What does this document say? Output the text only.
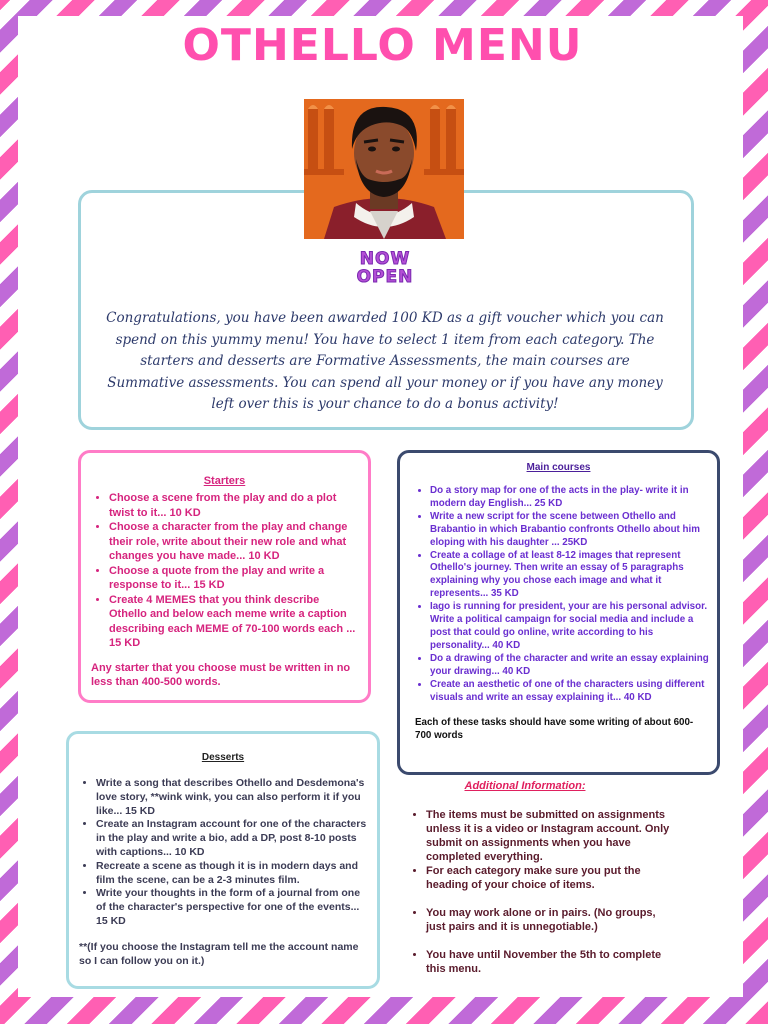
OTHELLO MENU
NOW
OPEN
Congratulations, you have been awarded 100 KD as a gift voucher which you can spend on this yummy menu! You have to select 1 item from each category. The starters and desserts are Formative Assessments, the main courses are Summative assessments. You can spend all your money or if you have any money left over this is your chance to do a bonus activity!
Starters
• Choose a scene from the play and do a plot twist to it... 10 KD
• Choose a character from the play and change their role, write about their new role and what changes you have made... 10 KD
• Choose a quote from the play and write a response to it... 15 KD
• Create 4 MEMES that you think describe Othello and below each meme write a caption describing each MEME of 70-100 words each ... 15 KD
Any starter that you choose must be written in no less than 400-500 words.
Main courses
• Do a story map for one of the acts in the play- write it in modern day English... 25 KD
• Write a new script for the scene between Othello and Brabantio in which Brabantio confronts Othello about him eloping with his daughter ... 25KD
• Create a collage of at least 8-12 images that represent Othello's journey. Then write an essay of 5 paragraphs explaining why you chose each image and what it represents... 35 KD
• Iago is running for president, your are his personal advisor. Write a political campaign for social media and include a post that could go online, write according to his personality... 40 KD
• Do a drawing of the character and write an essay explaining your drawing... 40 KD
• Create an aesthetic of one of the characters using different visuals and write an essay explaining it... 40 KD
Each of these tasks should have some writing of about 600-700 words
Desserts
• Write a song that describes Othello and Desdemona's love story, **wink wink, you can also perform it if you like... 15 KD
• Create an Instagram account for one of the characters in the play and write a bio, add a DP, post 8-10 posts with captions... 10 KD
• Recreate a scene as though it is in modern days and film the scene, can be a 2-3 minutes film.
• Write your thoughts in the form of a journal from one of the character's perspective for one of the events... 15 KD
**(If you choose the Instagram tell me the account name so I can follow you on it.)
Additional Information:
• The items must be submitted on assignments unless it is a video or Instagram account. Only submit on assignments when you have completed everything.
• For each category make sure you put the heading of your choice of items.
• You may work alone or in pairs. (No groups, just pairs and it is unnegotiable.)
• You have until November the 5th to complete this menu.
